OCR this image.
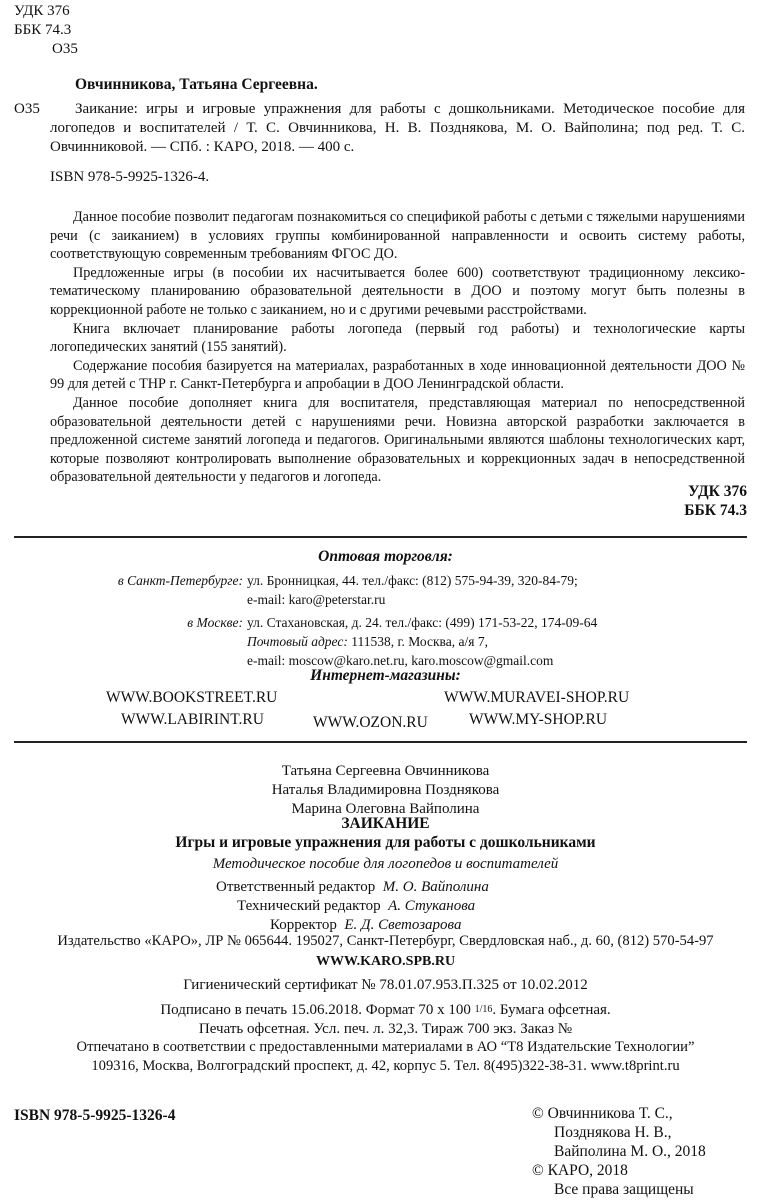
УДК 376
ББК 74.3
О35
Овчинникова, Татьяна Сергеевна.
О35	Заикание: игры и игровые упражнения для работы с дошкольниками. Методическое пособие для логопедов и воспитателей / Т. С. Овчинникова, Н. В. Позднякова, М. О. Вайполина; под ред. Т. С. Овчинниковой. — СПб. : КАРО, 2018. — 400 с.

ISBN 978-5-9925-1326-4.

Данное пособие позволит педагогам познакомиться со спецификой работы с детьми с тяжелыми нарушениями речи (с заиканием) в условиях группы комбинированной направленности и освоить систему работы, соответствующую современным требованиям ФГОС ДО.

Предложенные игры (в пособии их насчитывается более 600) соответствуют традиционному лексико-тематическому планированию образовательной деятельности в ДОО и поэтому могут быть полезны в коррекционной работе не только с заиканием, но и с другими речевыми расстройствами.

Книга включает планирование работы логопеда (первый год работы) и технологические карты логопедических занятий (155 занятий).

Содержание пособия базируется на материалах, разработанных в ходе инновационной деятельности ДОО № 99 для детей с ТНР г. Санкт-Петербурга и апробации в ДОО Ленинградской области.

Данное пособие дополняет книга для воспитателя, представляющая материал по непосредственной образовательной деятельности детей с нарушениями речи. Новизна авторской разработки заключается в предложенной системе занятий логопеда и педагогов. Оригинальными являются шаблоны технологических карт, которые позволяют контролировать выполнение образовательных и коррекционных задач в непосредственной образовательной деятельности у педагогов и логопеда.

УДК 376
ББК 74.3
Оптовая торговля:
в Санкт-Петербурге: ул. Бронницкая, 44. тел./факс: (812) 575-94-39, 320-84-79;
e-mail: karo@peterstar.ru
в Москве: ул. Стахановская, д. 24. тел./факс: (499) 171-53-22, 174-09-64
Почтовый адрес: 111538, г. Москва, а/я 7,
e-mail: moscow@karo.net.ru, karo.moscow@gmail.com
Интернет-магазины:
WWW.BOOKSTREET.RU
WWW.LABIRINT.RU	WWW.OZON.RU
WWW.MURAVEI-SHOP.RU
WWW.MY-SHOP.RU
Татьяна Сергеевна Овчинникова
Наталья Владимировна Позднякова
Марина Олеговна Вайполина
ЗАИКАНИЕ
Игры и игровые упражнения для работы с дошкольниками
Методическое пособие для логопедов и воспитателей
Ответственный редактор М. О. Вайполина
Технический редактор А. Стуканова
Корректор Е. Д. Светозарова
Издательство «КАРО», ЛР № 065644. 195027, Санкт-Петербург, Свердловская наб., д. 60, (812) 570-54-97
WWW.KARO.SPB.RU
Гигиенический сертификат № 78.01.07.953.П.325 от 10.02.2012
Подписано в печать 15.06.2018. Формат 70 x 100 1/16. Бумага офсетная.
Печать офсетная. Усл. печ. л. 32,3. Тираж 700 экз. Заказ №
Отпечатано в соответствии с предоставленными материалами в АО “T8 Издательские Технологии”
109316, Москва, Волгоградский проспект, д. 42, корпус 5. Тел. 8(495)322-38-31. www.t8print.ru
ISBN 978-5-9925-1326-4	© Овчинникова Т. С.,
Позднякова Н. В.,
Вайполина М. О., 2018
© КАРО, 2018
Все права защищены
